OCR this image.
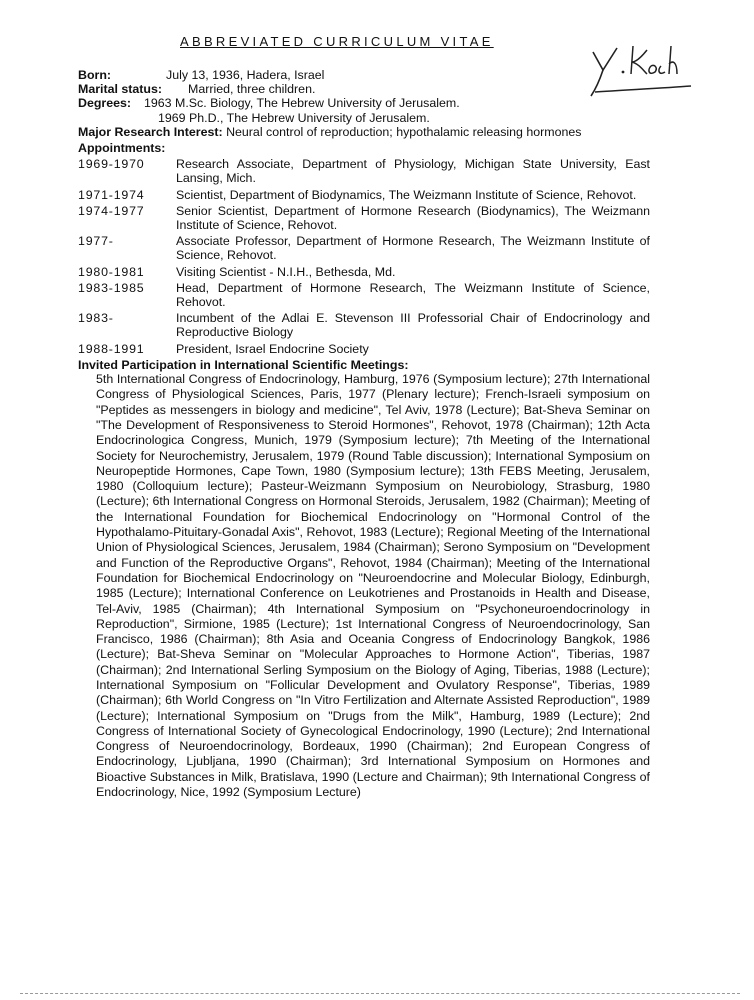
ABBREVIATED CURRICULUM VITAE
Born:	July 13, 1936, Hadera, Israel
Marital status: Married, three children.
Degrees: 1963 M.Sc. Biology, The Hebrew University of Jerusalem.
1969 Ph.D., The Hebrew University of Jerusalem.
Major Research Interest: Neural control of reproduction; hypothalamic releasing hormones
Appointments:
1969-1970	Research Associate, Department of Physiology, Michigan State University, East Lansing, Mich.
1971-1974	Scientist, Department of Biodynamics, The Weizmann Institute of Science, Rehovot.
1974-1977	Senior Scientist, Department of Hormone Research (Biodynamics), The Weizmann Institute of Science, Rehovot.
1977-	Associate Professor, Department of Hormone Research, The Weizmann Institute of Science, Rehovot.
1980-1981	Visiting Scientist - N.I.H., Bethesda, Md.
1983-1985	Head, Department of Hormone Research, The Weizmann Institute of Science, Rehovot.
1983-	Incumbent of the Adlai E. Stevenson III Professorial Chair of Endocrinology and Reproductive Biology
1988-1991	President, Israel Endocrine Society
Invited Participation in International Scientific Meetings:
5th International Congress of Endocrinology, Hamburg, 1976 (Symposium lecture); 27th International Congress of Physiological Sciences, Paris, 1977 (Plenary lecture); French-Israeli symposium on "Peptides as messengers in biology and medicine", Tel Aviv, 1978 (Lecture); Bat-Sheva Seminar on "The Development of Responsiveness to Steroid Hormones", Rehovot, 1978 (Chairman); 12th Acta Endocrinologica Congress, Munich, 1979 (Symposium lecture); 7th Meeting of the International Society for Neurochemistry, Jerusalem, 1979 (Round Table discussion); International Symposium on Neuropeptide Hormones, Cape Town, 1980 (Symposium lecture); 13th FEBS Meeting, Jerusalem, 1980 (Colloquium lecture); Pasteur-Weizmann Symposium on Neurobiology, Strasburg, 1980 (Lecture); 6th International Congress on Hormonal Steroids, Jerusalem, 1982 (Chairman); Meeting of the International Foundation for Biochemical Endocrinology on "Hormonal Control of the Hypothalamo-Pituitary-Gonadal Axis", Rehovot, 1983 (Lecture); Regional Meeting of the International Union of Physiological Sciences, Jerusalem, 1984 (Chairman); Serono Symposium on "Development and Function of the Reproductive Organs", Rehovot, 1984 (Chairman); Meeting of the International Foundation for Biochemical Endocrinology on "Neuroendocrine and Molecular Biology, Edinburgh, 1985 (Lecture); International Conference on Leukotrienes and Prostanoids in Health and Disease, Tel-Aviv, 1985 (Chairman); 4th International Symposium on "Psychoneuroendocrinology in Reproduction", Sirmione, 1985 (Lecture); 1st International Congress of Neuroendocrinology, San Francisco, 1986 (Chairman); 8th Asia and Oceania Congress of Endocrinology Bangkok, 1986 (Lecture); Bat-Sheva Seminar on "Molecular Approaches to Hormone Action", Tiberias, 1987 (Chairman); 2nd International Serling Symposium on the Biology of Aging, Tiberias, 1988 (Lecture); International Symposium on "Follicular Development and Ovulatory Response", Tiberias, 1989 (Chairman); 6th World Congress on "In Vitro Fertilization and Alternate Assisted Reproduction", 1989 (Lecture); International Symposium on "Drugs from the Milk", Hamburg, 1989 (Lecture); 2nd Congress of International Society of Gynecological Endocrinology, 1990 (Lecture); 2nd International Congress of Neuroendocrinology, Bordeaux, 1990 (Chairman); 2nd European Congress of Endocrinology, Ljubljana, 1990 (Chairman); 3rd International Symposium on Hormones and Bioactive Substances in Milk, Bratislava, 1990 (Lecture and Chairman); 9th International Congress of Endocrinology, Nice, 1992 (Symposium Lecture)
